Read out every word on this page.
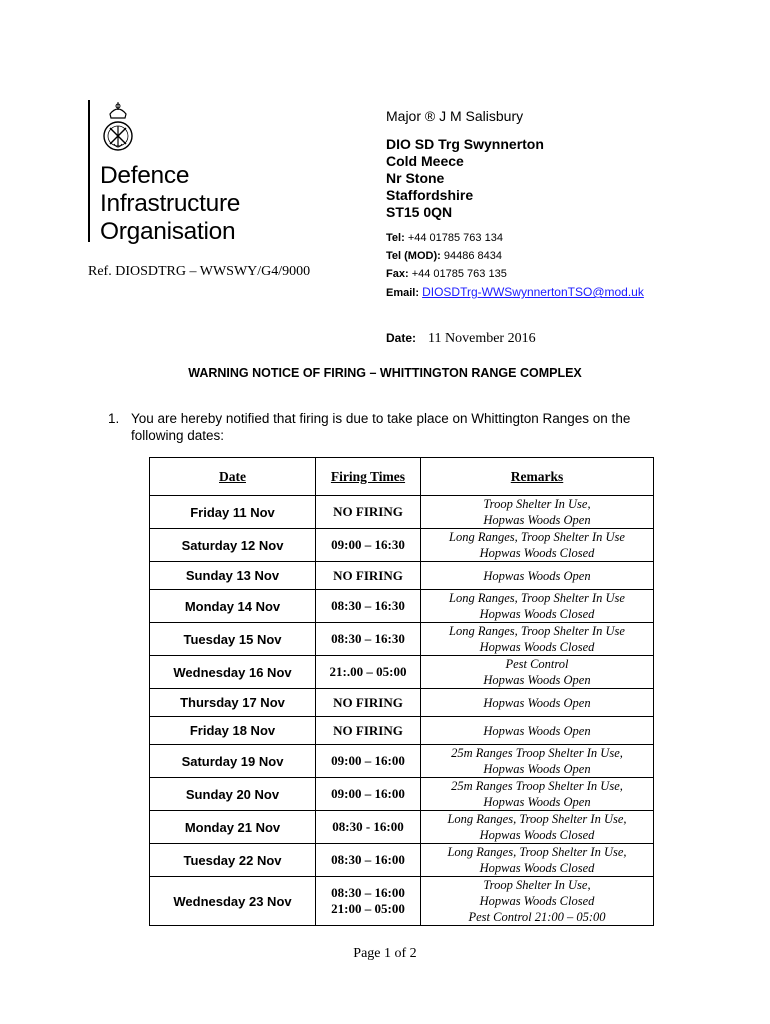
Defence
Infrastructure
Organisation
Ref. DIOSDTRG – WWSWY/G4/9000
Major ® J M Salisbury
DIO SD Trg Swynnerton
Cold Meece
Nr Stone
Staffordshire
ST15 0QN
Tel: +44 01785 763 134
Tel (MOD): 94486 8434
Fax: +44 01785 763 135
Email: DIOSDTrg-WWSwynnertonTSO@mod.uk
Date: 11 November 2016
WARNING NOTICE OF FIRING – WHITTINGTON RANGE COMPLEX
1. You are hereby notified that firing is due to take place on Whittington Ranges on the following dates:
Date	Firing Times	Remarks
Friday 11 Nov	NO FIRING	Troop Shelter In Use,
Hopwas Woods Open

Saturday 12 Nov	09:00 – 16:30	Long Ranges, Troop Shelter In Use
Hopwas Woods Closed

Sunday 13 Nov	NO FIRING	Hopwas Woods Open

Monday 14 Nov	08:30 – 16:30	Long Ranges, Troop Shelter In Use
Hopwas Woods Closed

Tuesday 15 Nov	08:30 – 16:30	Long Ranges, Troop Shelter In Use
Hopwas Woods Closed

Wednesday 16 Nov	21:.00 – 05:00	Pest Control
Hopwas Woods Open

Thursday 17 Nov	NO FIRING	Hopwas Woods Open

Friday 18 Nov	NO FIRING	Hopwas Woods Open

Saturday 19 Nov	09:00 – 16:00	25m Ranges Troop Shelter In Use,
Hopwas Woods Open

Sunday 20 Nov	09:00 – 16:00	25m Ranges Troop Shelter In Use,
Hopwas Woods Open

Monday 21 Nov	08:30 - 16:00	Long Ranges, Troop Shelter In Use,
Hopwas Woods Closed

Tuesday 22 Nov	08:30 – 16:00	Long Ranges, Troop Shelter In Use,
Hopwas Woods Closed

Wednesday 23 Nov	08:30 – 16:00
21:00 – 05:00	Troop Shelter In Use,
Hopwas Woods Closed
Pest Control 21:00 – 05:00
Page 1 of 2
